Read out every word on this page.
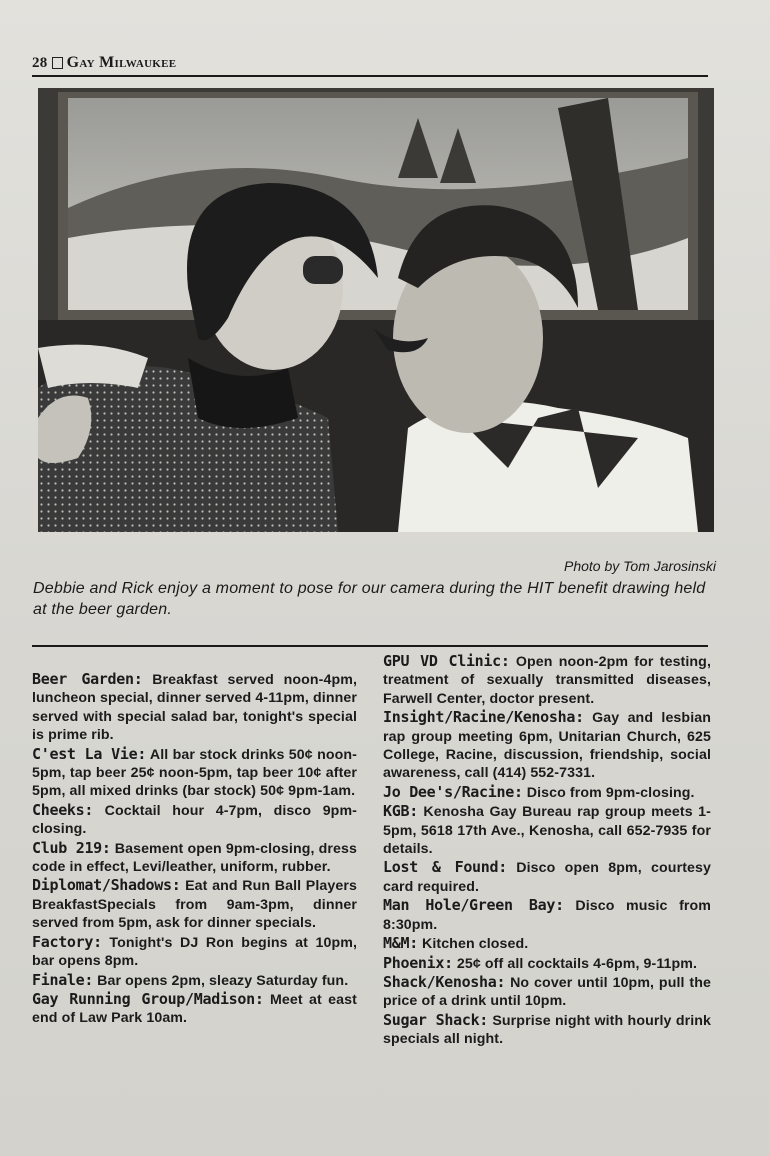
28 Gay Milwaukee
Photo by Tom Jarosinski
Debbie and Rick enjoy a moment to pose for our camera during the HIT benefit drawing held at the beer garden.

Beer Garden: Breakfast served noon-4pm, luncheon special, dinner served 4-11pm, dinner served with special salad bar, tonight's special is prime rib.

C'est La Vie: All bar stock drinks 50¢ noon-5pm, tap beer 25¢ noon-5pm, tap beer 10¢ after 5pm, all mixed drinks (bar stock) 50¢ 9pm-1am.

Cheeks: Cocktail hour 4-7pm, disco 9pm-closing.

Club 219: Basement open 9pm-closing, dress code in effect, Levi/leather, uniform, rubber.

Diplomat/Shadows: Eat and Run Ball Players BreakfastSpecials from 9am-3pm, dinner served from 5pm, ask for dinner specials.

Factory: Tonight's DJ Ron begins at 10pm, bar opens 8pm.

Finale: Bar opens 2pm, sleazy Saturday fun.

Gay Running Group/Madison: Meet at east end of Law Park 10am.

GPU VD Clinic: Open noon-2pm for testing, treatment of sexually transmitted diseases, Farwell Center, doctor present.

Insight/Racine/Kenosha: Gay and lesbian rap group meeting 6pm, Unitarian Church, 625 College, Racine, discussion, friendship, social awareness, call (414) 552-7331.

Jo Dee's/Racine: Disco from 9pm-closing.

KGB: Kenosha Gay Bureau rap group meets 1-5pm, 5618 17th Ave., Kenosha, call 652-7935 for details.

Lost & Found: Disco open 8pm, courtesy card required.

Man Hole/Green Bay: Disco music from 8:30pm.

M&M: Kitchen closed.

Phoenix: 25¢ off all cocktails 4-6pm, 9-11pm.

Shack/Kenosha: No cover until 10pm, pull the price of a drink until 10pm.

Sugar Shack: Surprise night with hourly drink specials all night.
